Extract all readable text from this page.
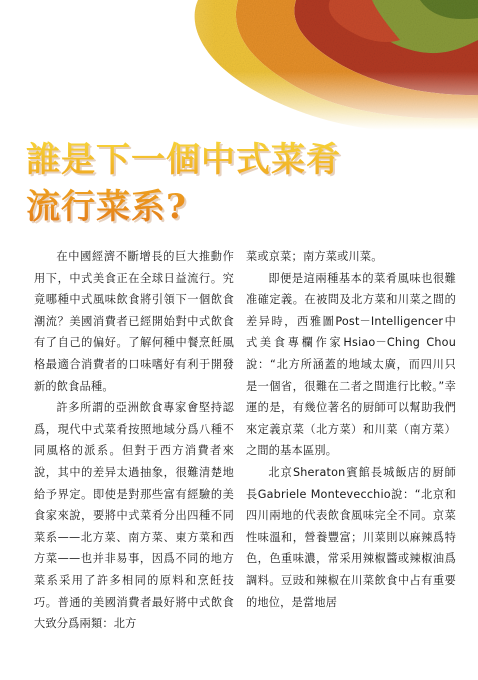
誰是下一個中式菜肴
流行菜系?

在中國經濟不斷增長的巨大推動作用下，中式美食正在全球日益流行。究竟哪種中式風味飲食將引領下一個飲食潮流？美國消費者已經開始對中式飲食有了自己的偏好。了解何種中餐烹飪風格最適合消費者的口味嗜好有利于開發新的飲食品種。

許多所謂的亞洲飲食專家會堅持認爲，現代中式菜肴按照地域分爲八種不同風格的派系。但對于西方消費者來說，其中的差异太過抽象，很難清楚地給予界定。即使是對那些富有經驗的美食家來說，要將中式菜肴分出四種不同菜系——北方菜、南方菜、東方菜和西方菜——也并非易事，因爲不同的地方菜系采用了許多相同的原料和烹飪技巧。普通的美國消費者最好將中式飲食大致分爲兩類：北方

菜或京菜；南方菜或川菜。

即便是這兩種基本的菜肴風味也很難准確定義。在被問及北方菜和川菜之間的差异時，西雅圖Post－Intelligencer中式美食專欄作家Hsiao－Ching Chou說：“北方所涵蓋的地域太廣，而四川只是一個省，很難在二者之間進行比較。”幸運的是，有幾位著名的厨師可以幫助我們來定義京菜（北方菜）和川菜（南方菜）之間的基本區別。

北京Sheraton賓館長城飯店的厨師長Gabriele Montevecchio說：“北京和四川兩地的代表飲食風味完全不同。京菜性味溫和，營養豐富；川菜則以麻辣爲特色，色重味濃，常采用辣椒醬或辣椒油爲調料。豆豉和辣椒在川菜飲食中占有重要的地位，是當地居
